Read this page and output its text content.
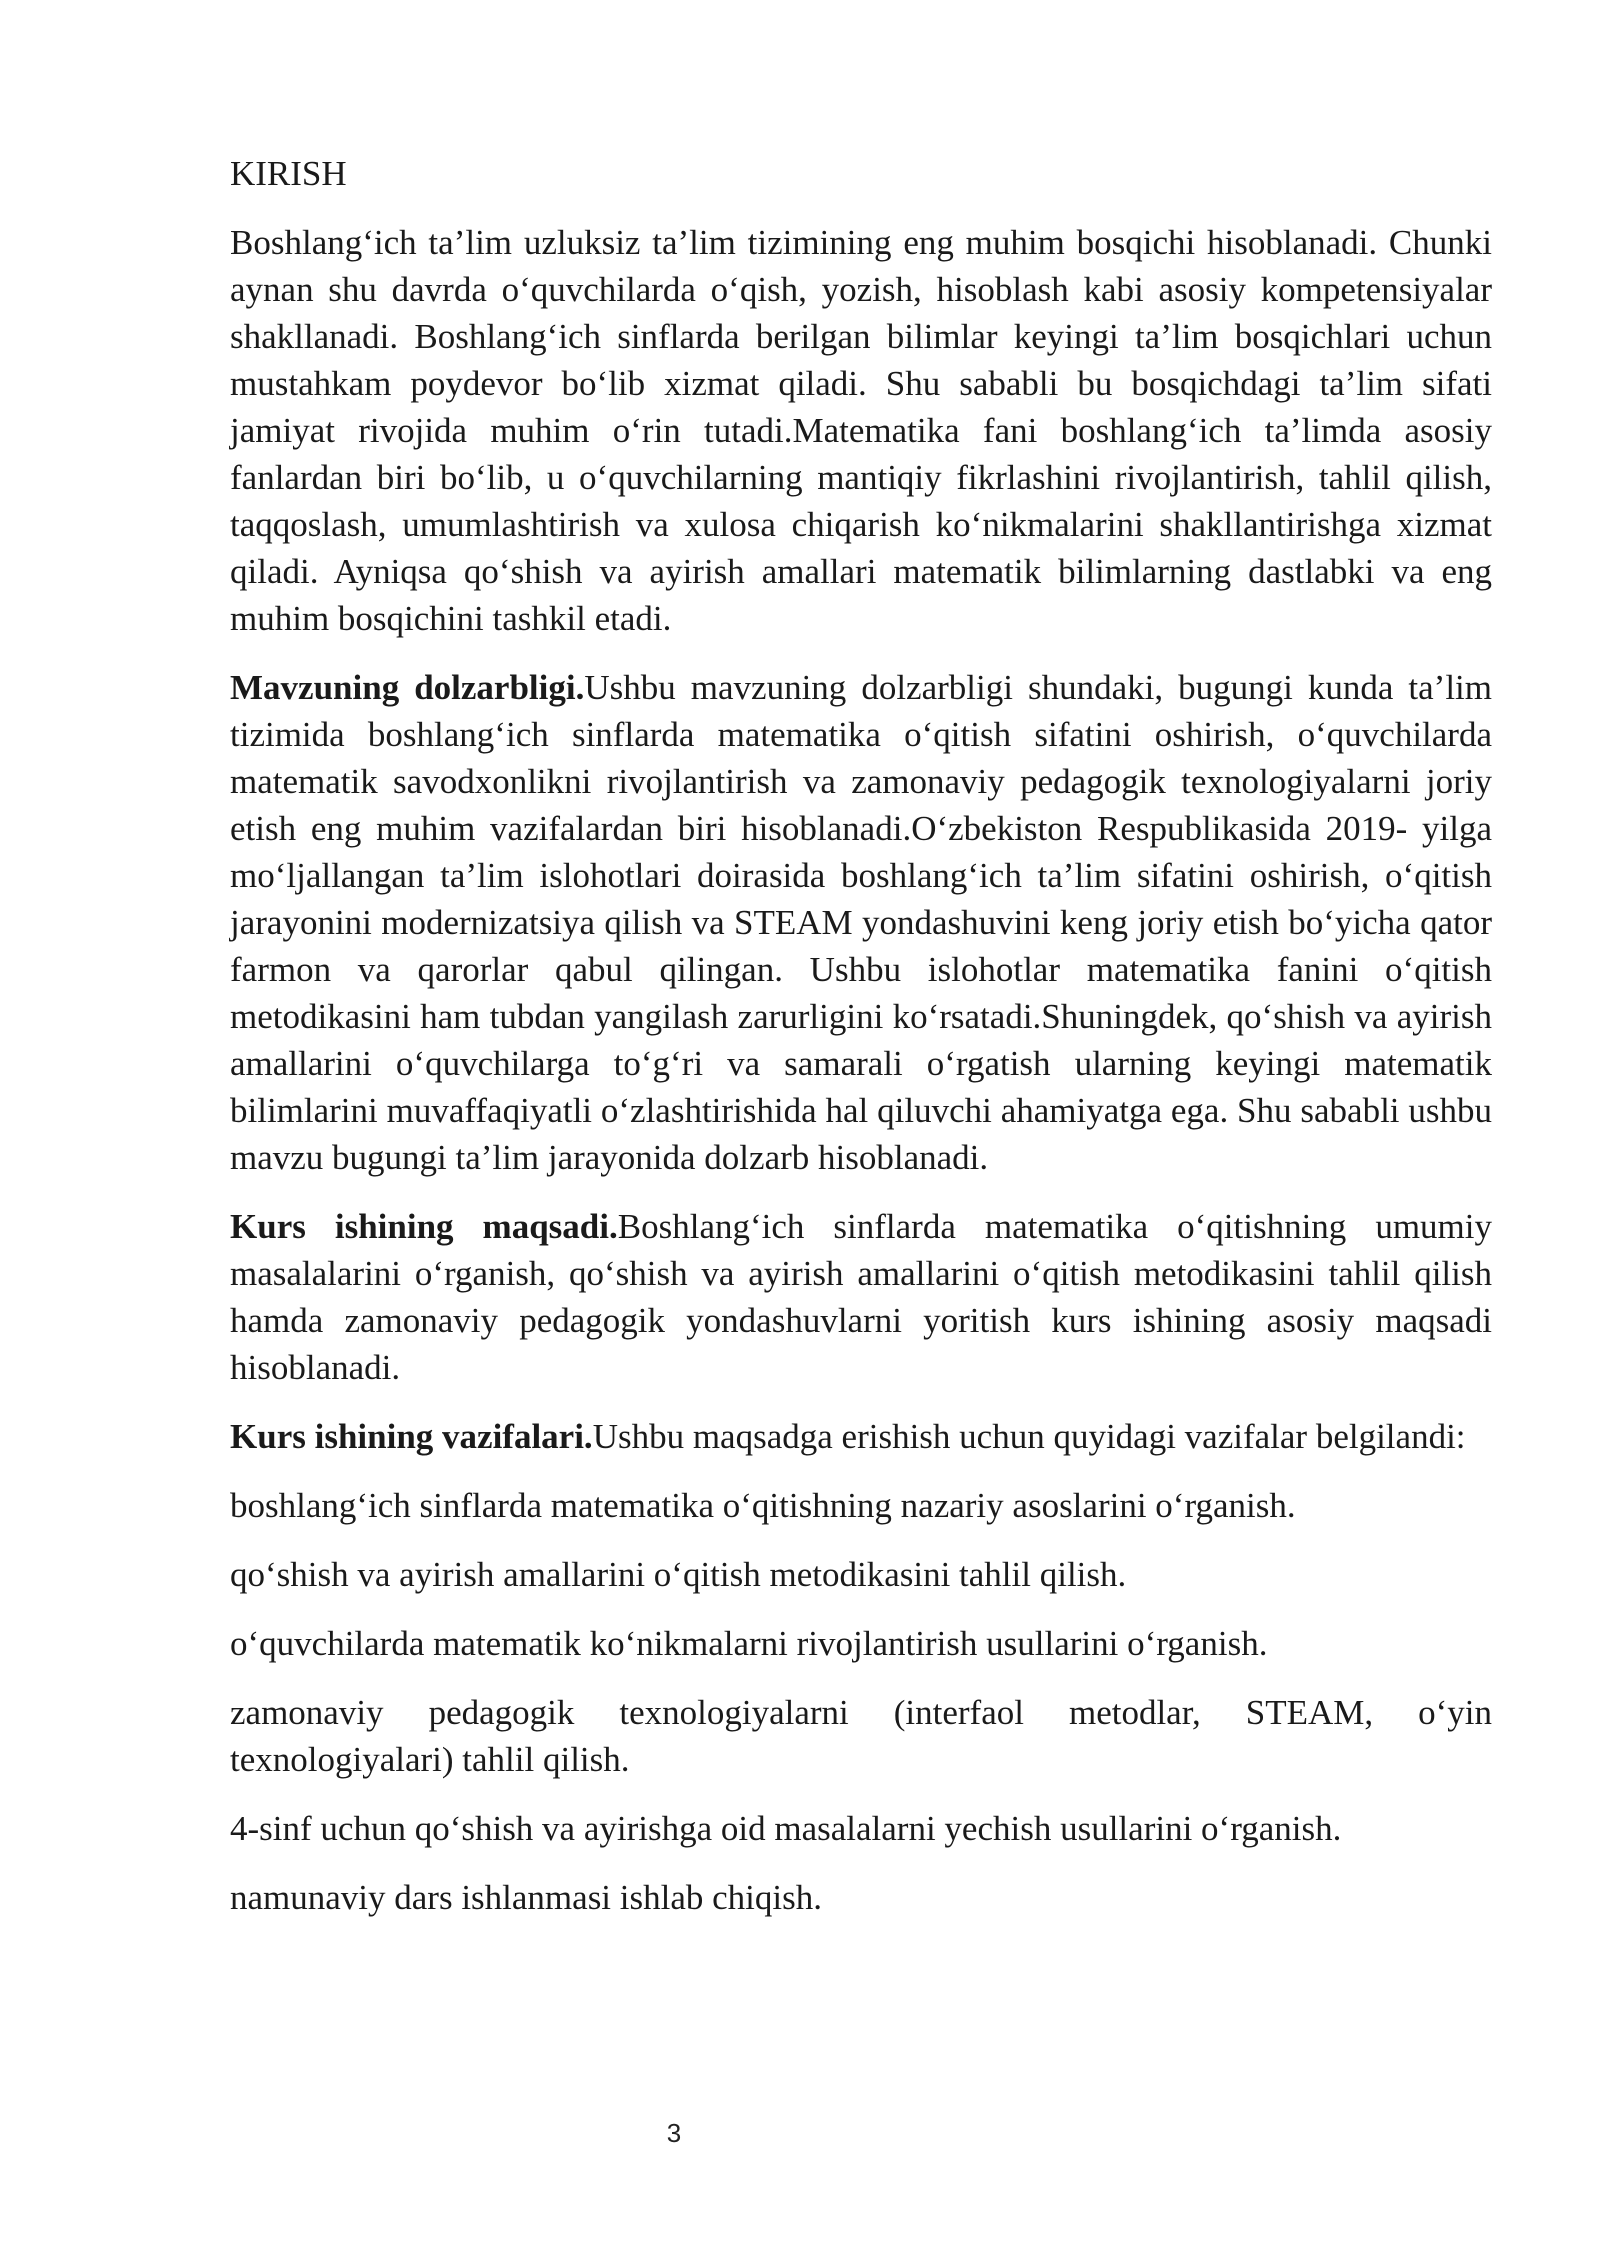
KIRISH

Boshlang‘ich ta’lim uzluksiz ta’lim tizimining eng muhim bosqichi hisoblanadi. Chunki aynan shu davrda o‘quvchilarda o‘qish, yozish, hisoblash kabi asosiy kompetensiyalar shakllanadi. Boshlang‘ich sinflarda berilgan bilimlar keyingi ta’lim bosqichlari uchun mustahkam poydevor bo‘lib xizmat qiladi. Shu sababli bu bosqichdagi ta’lim sifati jamiyat rivojida muhim o‘rin tutadi.Matematika fani boshlang‘ich ta’limda asosiy fanlardan biri bo‘lib, u o‘quvchilarning mantiqiy fikrlashini rivojlantirish, tahlil qilish, taqqoslash, umumlashtirish va xulosa chiqarish ko‘nikmalarini shakllantirishga xizmat qiladi. Ayniqsa qo‘shish va ayirish amallari matematik bilimlarning dastlabki va eng muhim bosqichini tashkil etadi.

Mavzuning dolzarbligi.Ushbu mavzuning dolzarbligi shundaki, bugungi kunda ta’lim tizimida boshlang‘ich sinflarda matematika o‘qitish sifatini oshirish, o‘quvchilarda matematik savodxonlikni rivojlantirish va zamonaviy pedagogik texnologiyalarni joriy etish eng muhim vazifalardan biri hisoblanadi.O‘zbekiston Respublikasida 2019- yilga mo‘ljallangan ta’lim islohotlari doirasida boshlang‘ich ta’lim sifatini oshirish, o‘qitish jarayonini modernizatsiya qilish va STEAM yondashuvini keng joriy etish bo‘yicha qator farmon va qarorlar qabul qilingan. Ushbu islohotlar matematika fanini o‘qitish metodikasini ham tubdan yangilash zarurligini ko‘rsatadi.Shuningdek, qo‘shish va ayirish amallarini o‘quvchilarga to‘g‘ri va samarali o‘rgatish ularning keyingi matematik bilimlarini muvaffaqiyatli o‘zlashtirishida hal qiluvchi ahamiyatga ega. Shu sababli ushbu mavzu bugungi ta’lim jarayonida dolzarb hisoblanadi.

Kurs ishining maqsadi.Boshlang‘ich sinflarda matematika o‘qitishning umumiy masalalarini o‘rganish, qo‘shish va ayirish amallarini o‘qitish metodikasini tahlil qilish hamda zamonaviy pedagogik yondashuvlarni yoritish kurs ishining asosiy maqsadi hisoblanadi.

Kurs ishining vazifalari.Ushbu maqsadga erishish uchun quyidagi vazifalar belgilandi:

boshlang‘ich sinflarda matematika o‘qitishning nazariy asoslarini o‘rganish.

qo‘shish va ayirish amallarini o‘qitish metodikasini tahlil qilish.

o‘quvchilarda matematik ko‘nikmalarni rivojlantirish usullarini o‘rganish.

zamonaviy pedagogik texnologiyalarni (interfaol metodlar, STEAM, o‘yin texnologiyalari) tahlil qilish.

4-sinf uchun qo‘shish va ayirishga oid masalalarni yechish usullarini o‘rganish.

namunaviy dars ishlanmasi ishlab chiqish.

3
